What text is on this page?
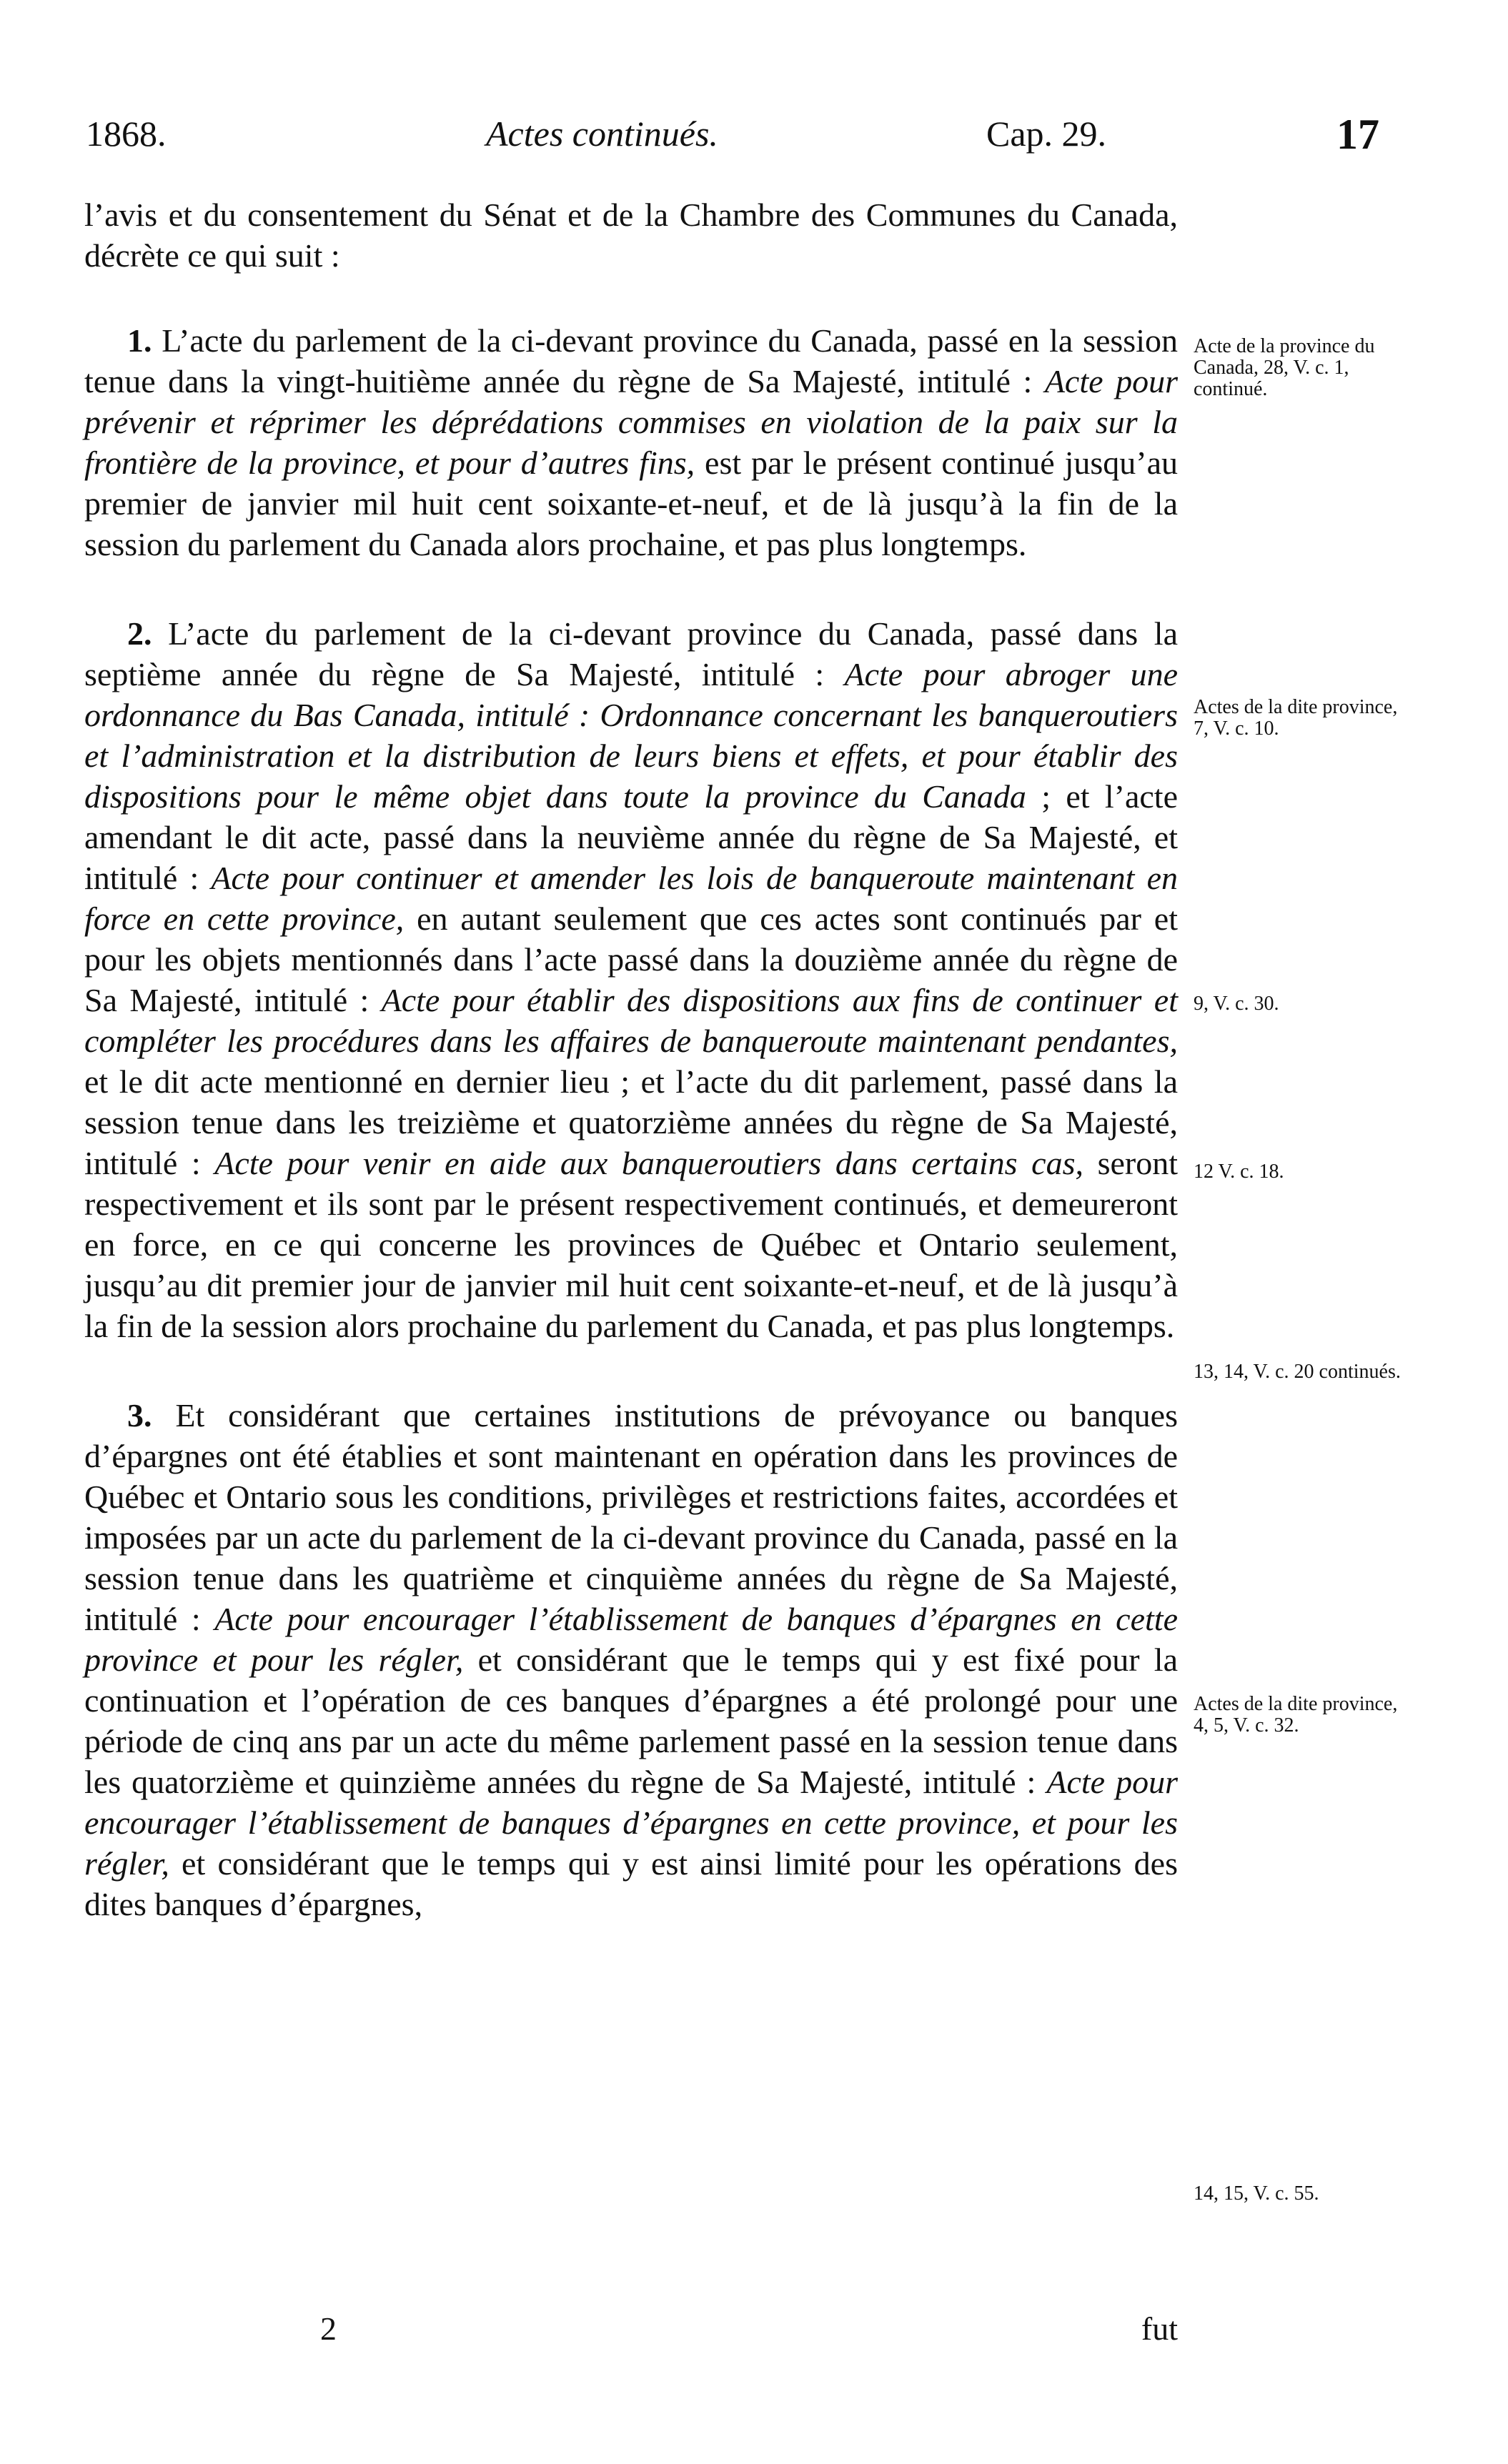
1868.	Actes continués.	Cap. 29.	17

l’avis et du consentement du Sénat et de la Chambre des Communes du Canada, décrète ce qui suit :

1. L’acte du parlement de la ci-devant province du Canada, passé en la session tenue dans la vingt-huitième année du règne de Sa Majesté, intitulé : Acte pour prévenir et réprimer les déprédations commises en violation de la paix sur la frontière de la province, et pour d’autres fins, est par le présent continué jusqu’au premier de janvier mil huit cent soixante-et-neuf, et de là jusqu’à la fin de la session du parlement du Canada alors prochaine, et pas plus longtemps.

2. L’acte du parlement de la ci-devant province du Canada, passé dans la septième année du règne de Sa Majesté, intitulé : Acte pour abroger une ordonnance du Bas Canada, intitulé : Ordonnance concernant les banqueroutiers et l’administration et la distribution de leurs biens et effets, et pour établir des dispositions pour le même objet dans toute la province du Canada ; et l’acte amendant le dit acte, passé dans la neuvième année du règne de Sa Majesté, et intitulé : Acte pour continuer et amender les lois de banqueroute maintenant en force en cette province, en autant seulement que ces actes sont continués par et pour les objets mentionnés dans l’acte passé dans la douzième année du règne de Sa Majesté, intitulé : Acte pour établir des dispositions aux fins de continuer et compléter les procédures dans les affaires de banqueroute maintenant pendantes, et le dit acte mentionné en dernier lieu ; et l’acte du dit parlement, passé dans la session tenue dans les treizième et quatorzième années du règne de Sa Majesté, intitulé : Acte pour venir en aide aux banqueroutiers dans certains cas, seront respectivement et ils sont par le présent respectivement continués, et demeureront en force, en ce qui concerne les provinces de Québec et Ontario seulement, jusqu’au dit premier jour de janvier mil huit cent soixante-et-neuf, et de là jusqu’à la fin de la session alors prochaine du parlement du Canada, et pas plus longtemps.

3. Et considérant que certaines institutions de prévoyance ou banques d’épargnes ont été établies et sont maintenant en opération dans les provinces de Québec et Ontario sous les conditions, privilèges et restrictions faites, accordées et imposées par un acte du parlement de la ci-devant province du Canada, passé en la session tenue dans les quatrième et cinquième années du règne de Sa Majesté, intitulé : Acte pour encourager l’établissement de banques d’épargnes en cette province et pour les régler, et considérant que le temps qui y est fixé pour la continuation et l’opération de ces banques d’épargnes a été prolongé pour une période de cinq ans par un acte du même parlement passé en la session tenue dans les quatorzième et quinzième années du règne de Sa Majesté, intitulé : Acte pour encourager l’établissement de banques d’épargnes en cette province, et pour les régler, et considérant que le temps qui y est ainsi limité pour les opérations des dites banques d’épargnes,

Acte de la province du Canada, 28, V. c. 1, continué.
Actes de la dite province, 7, V. c. 10.
9, V. c. 30.
12 V. c. 18.
13, 14, V. c. 20 continués.
Actes de la dite province, 4, 5, V. c. 32.
14, 15, V. c. 55.
2	fut
